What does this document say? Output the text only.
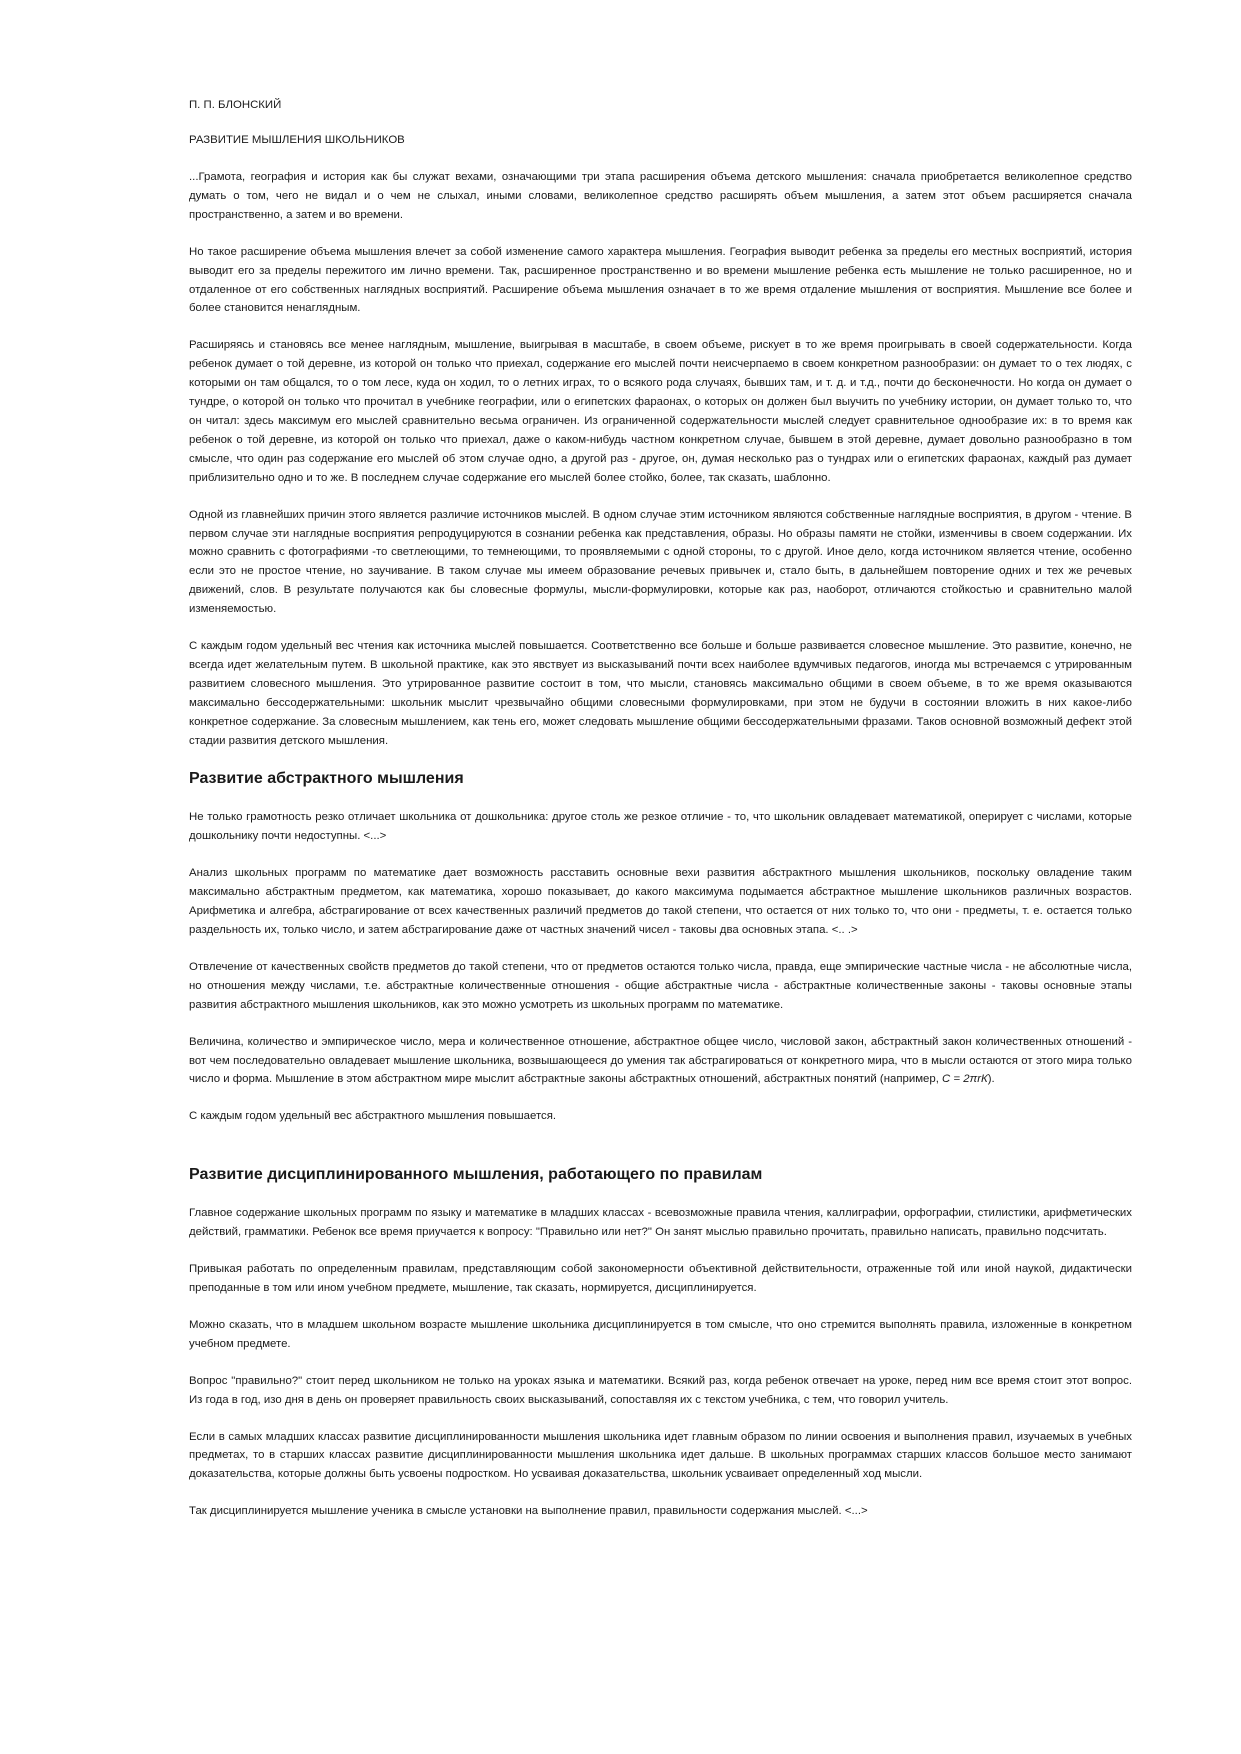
П. П. БЛОНСКИЙ
РАЗВИТИЕ МЫШЛЕНИЯ ШКОЛЬНИКОВ

...Грамота, география и история как бы служат вехами, означающими три этапа расширения объема детского мышления: сначала приобретается великолепное средство думать о том, чего не видал и о чем не слыхал, иными словами, великолепное средство расширять объем мышления, а затем этот объем расширяется сначала пространственно, а затем и во времени.

Но такое расширение объема мышления влечет за собой изменение самого характера мышления. География выводит ребенка за пределы его местных восприятий, история выводит его за пределы пережитого им лично времени. Так, расширенное пространственно и во времени мышление ребенка есть мышление не только расширенное, но и отдаленное от его собственных наглядных восприятий. Расширение объема мышления означает в то же время отдаление мышления от восприятия. Мышление все более и более становится ненаглядным.

Расширяясь и становясь все менее наглядным, мышление, выигрывая в масштабе, в своем объеме, рискует в то же время проигрывать в своей содержательности. Когда ребенок думает о той деревне, из которой он только что приехал, содержание его мыслей почти неисчерпаемо в своем конкретном разнообразии: он думает то о тех людях, с которыми он там общался, то о том лесе, куда он ходил, то о летних играх, то о всякого рода случаях, бывших там, и т. д. и т.д., почти до бесконечности. Но когда он думает о тундре, о которой он только что прочитал в учебнике географии, или о египетских фараонах, о которых он должен был выучить по учебнику истории, он думает только то, что он читал: здесь максимум его мыслей сравнительно весьма ограничен. Из ограниченной содержательности мыслей следует сравнительное однообразие их: в то время как ребенок о той деревне, из которой он только что приехал, даже о каком-нибудь частном конкретном случае, бывшем в этой деревне, думает довольно разнообразно в том смысле, что один раз содержание его мыслей об этом случае одно, а другой раз - другое, он, думая несколько раз о тундрах или о египетских фараонах, каждый раз думает приблизительно одно и то же. В последнем случае содержание его мыслей более стойко, более, так сказать, шаблонно.

Одной из главнейших причин этого является различие источников мыслей. В одном случае этим источником являются собственные наглядные восприятия, в другом - чтение. В первом случае эти наглядные восприятия репродуцируются в сознании ребенка как представления, образы. Но образы памяти не стойки, изменчивы в своем содержании. Их можно сравнить с фотографиями -то светлеющими, то темнеющими, то проявляемыми с одной стороны, то с другой. Иное дело, когда источником является чтение, особенно если это не простое чтение, но заучивание. В таком случае мы имеем образование речевых привычек и, стало быть, в дальнейшем повторение одних и тех же речевых движений, слов. В результате получаются как бы словесные формулы, мысли-формулировки, которые как раз, наоборот, отличаются стойкостью и сравнительно малой изменяемостью.

С каждым годом удельный вес чтения как источника мыслей повышается. Соответственно все больше и больше развивается словесное мышление. Это развитие, конечно, не всегда идет желательным путем. В школьной практике, как это явствует из высказываний почти всех наиболее вдумчивых педагогов, иногда мы встречаемся с утрированным развитием словесного мышления. Это утрированное развитие состоит в том, что мысли, становясь максимально общими в своем объеме, в то же время оказываются максимально бессодержательными: школьник мыслит чрезвычайно общими словесными формулировками, при этом не будучи в состоянии вложить в них какое-либо конкретное содержание. За словесным мышлением, как тень его, может следовать мышление общими бессодержательными фразами. Таков основной возможный дефект этой стадии развития детского мышления.

Развитие абстрактного мышления

Не только грамотность резко отличает школьника от дошкольника: другое столь же резкое отличие - то, что школьник овладевает математикой, оперирует с числами, которые дошкольнику почти недоступны. <...>

Анализ школьных программ по математике дает возможность расставить основные вехи развития абстрактного мышления школьников, поскольку овладение таким максимально абстрактным предметом, как математика, хорошо показывает, до какого максимума подымается абстрактное мышление школьников различных возрастов. Арифметика и алгебра, абстрагирование от всех качественных различий предметов до такой степени, что остается от них только то, что они - предметы, т. е. остается только раздельность их, только число, и затем абстрагирование даже от частных значений чисел - таковы два основных этапа. <.. .>

Отвлечение от качественных свойств предметов до такой степени, что от предметов остаются только числа, правда, еще эмпирические частные числа - не абсолютные числа, но отношения между числами, т.е. абстрактные количественные отношения - общие абстрактные числа - абстрактные количественные законы - таковы основные этапы развития абстрактного мышления школьников, как это можно усмотреть из школьных программ по математике.

Величина, количество и эмпирическое число, мера и количественное отношение, абстрактное общее число, числовой закон, абстрактный закон количественных отношений - вот чем последовательно овладевает мышление школьника, возвышающееся до умения так абстрагироваться от конкретного мира, что в мысли остаются от этого мира только число и форма. Мышление в этом абстрактном мире мыслит абстрактные законы абстрактных отношений, абстрактных понятий (например, С = 2πrК).

С каждым годом удельный вес абстрактного мышления повышается.

Развитие дисциплинированного мышления, работающего по правилам

Главное содержание школьных программ по языку и математике в младших классах - всевозможные правила чтения, каллиграфии, орфографии, стилистики, арифметических действий, грамматики. Ребенок все время приучается к вопросу: "Правильно или нет?" Он занят мыслью правильно прочитать, правильно написать, правильно подсчитать.

Привыкая работать по определенным правилам, представляющим собой закономерности объективной действительности, отраженные той или иной наукой, дидактически преподанные в том или ином учебном предмете, мышление, так сказать, нормируется, дисциплинируется.

Можно сказать, что в младшем школьном возрасте мышление школьника дисциплинируется в том смысле, что оно стремится выполнять правила, изложенные в конкретном учебном предмете.

Вопрос "правильно?" стоит перед школьником не только на уроках языка и математики. Всякий раз, когда ребенок отвечает на уроке, перед ним все время стоит этот вопрос. Из года в год, изо дня в день он проверяет правильность своих высказываний, сопоставляя их с текстом учебника, с тем, что говорил учитель.

Если в самых младших классах развитие дисциплинированности мышления школьника идет главным образом по линии освоения и выполнения правил, изучаемых в учебных предметах, то в старших классах развитие дисциплинированности мышления школьника идет дальше. В школьных программах старших классов большое место занимают доказательства, которые должны быть усвоены подростком. Но усваивая доказательства, школьник усваивает определенный ход мысли.

Так дисциплинируется мышление ученика в смысле установки на выполнение правил, правильности содержания мыслей. <...>
